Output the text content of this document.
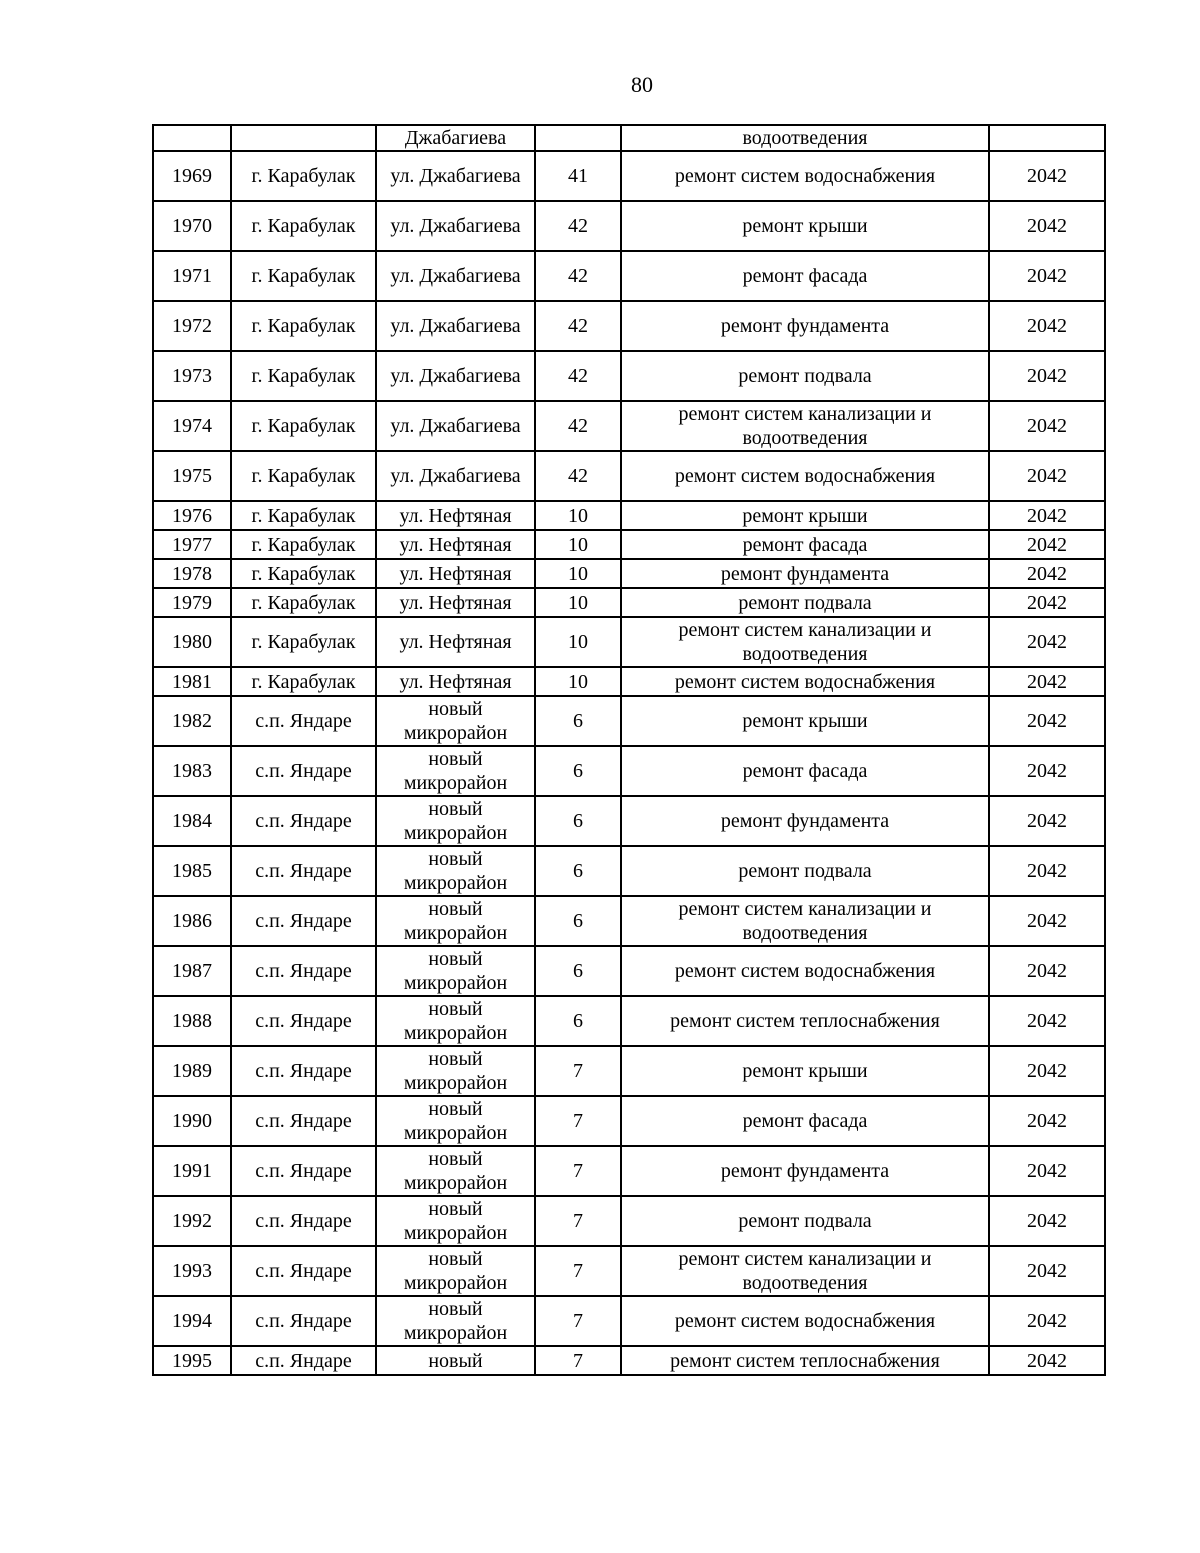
80
		Джабагиева		водоотведения	
1969	г. Карабулак	ул. Джабагиева	41	ремонт систем водоснабжения	2042
1970	г. Карабулак	ул. Джабагиева	42	ремонт крыши	2042
1971	г. Карабулак	ул. Джабагиева	42	ремонт фасада	2042
1972	г. Карабулак	ул. Джабагиева	42	ремонт фундамента	2042
1973	г. Карабулак	ул. Джабагиева	42	ремонт подвала	2042
1974	г. Карабулак	ул. Джабагиева	42	ремонт систем канализации и водоотведения	2042
1975	г. Карабулак	ул. Джабагиева	42	ремонт систем водоснабжения	2042
1976	г. Карабулак	ул. Нефтяная	10	ремонт крыши	2042
1977	г. Карабулак	ул. Нефтяная	10	ремонт фасада	2042
1978	г. Карабулак	ул. Нефтяная	10	ремонт фундамента	2042
1979	г. Карабулак	ул. Нефтяная	10	ремонт подвала	2042
1980	г. Карабулак	ул. Нефтяная	10	ремонт систем канализации и водоотведения	2042
1981	г. Карабулак	ул. Нефтяная	10	ремонт систем водоснабжения	2042
1982	с.п. Яндаре	новый микрорайон	6	ремонт крыши	2042
1983	с.п. Яндаре	новый микрорайон	6	ремонт фасада	2042
1984	с.п. Яндаре	новый микрорайон	6	ремонт фундамента	2042
1985	с.п. Яндаре	новый микрорайон	6	ремонт подвала	2042
1986	с.п. Яндаре	новый микрорайон	6	ремонт систем канализации и водоотведения	2042
1987	с.п. Яндаре	новый микрорайон	6	ремонт систем водоснабжения	2042
1988	с.п. Яндаре	новый микрорайон	6	ремонт систем теплоснабжения	2042
1989	с.п. Яндаре	новый микрорайон	7	ремонт крыши	2042
1990	с.п. Яндаре	новый микрорайон	7	ремонт фасада	2042
1991	с.п. Яндаре	новый микрорайон	7	ремонт фундамента	2042
1992	с.п. Яндаре	новый микрорайон	7	ремонт подвала	2042
1993	с.п. Яндаре	новый микрорайон	7	ремонт систем канализации и водоотведения	2042
1994	с.п. Яндаре	новый микрорайон	7	ремонт систем водоснабжения	2042
1995	с.п. Яндаре	новый	7	ремонт систем теплоснабжения	2042
